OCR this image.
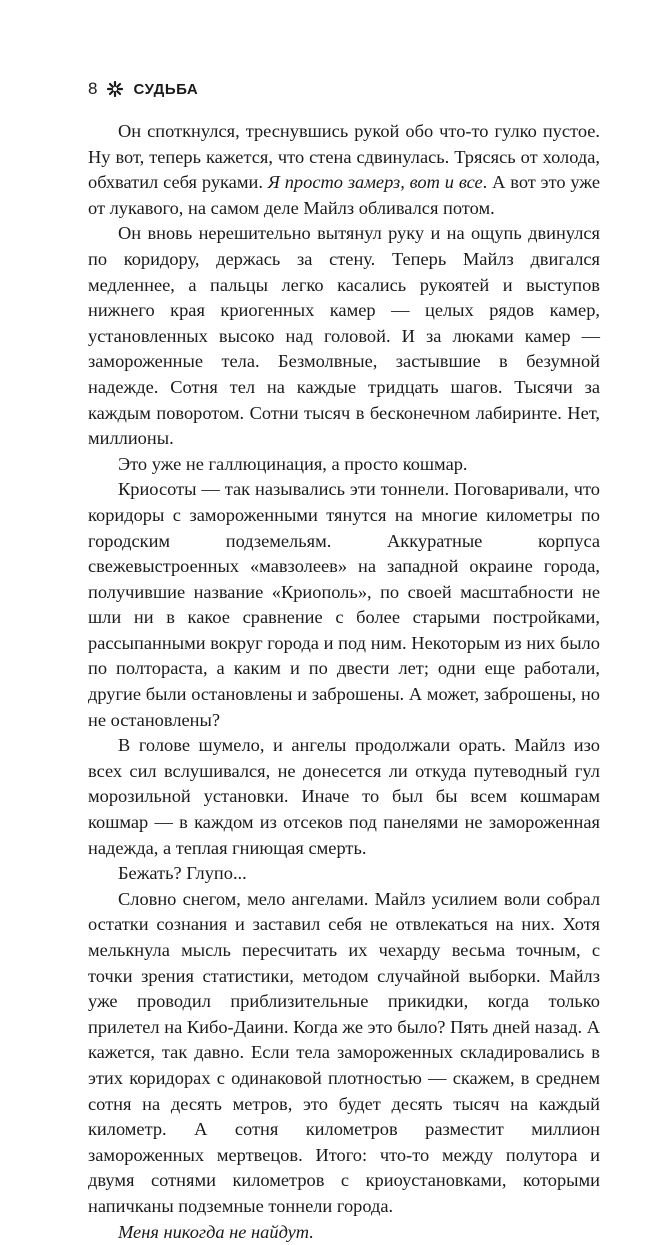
8 СУДЬБА

Он споткнулся, треснувшись рукой обо что-то гулко пустое. Ну вот, теперь кажется, что стена сдвинулась. Трясясь от холода, обхватил себя руками. Я просто замерз, вот и все. А вот это уже от лукавого, на самом деле Майлз обливался потом.

Он вновь нерешительно вытянул руку и на ощупь двинулся по коридору, держась за стену. Теперь Майлз двигался медленнее, а пальцы легко касались рукоятей и выступов нижнего края криогенных камер — целых рядов камер, установленных высоко над головой. И за люками камер — замороженные тела. Безмолвные, застывшие в безумной надежде. Сотня тел на каждые тридцать шагов. Тысячи за каждым поворотом. Сотни тысяч в бесконечном лабиринте. Нет, миллионы.

Это уже не галлюцинация, а просто кошмар.

Криосоты — так назывались эти тоннели. Поговаривали, что коридоры с замороженными тянутся на многие километры по городским подземельям. Аккуратные корпуса свежевыстроенных «мавзолеев» на западной окраине города, получившие название «Криополь», по своей масштабности не шли ни в какое сравнение с более старыми постройками, рассыпанными вокруг города и под ним. Некоторым из них было по полтораста, а каким и по двести лет; одни еще работали, другие были остановлены и заброшены. А может, заброшены, но не остановлены?

В голове шумело, и ангелы продолжали орать. Майлз изо всех сил вслушивался, не донесется ли откуда путеводный гул морозильной установки. Иначе то был бы всем кошмарам кошмар — в каждом из отсеков под панелями не замороженная надежда, а теплая гниющая смерть.

Бежать? Глупо...

Словно снегом, мело ангелами. Майлз усилием воли собрал остатки сознания и заставил себя не отвлекаться на них. Хотя мелькнула мысль пересчитать их чехарду весьма точным, с точки зрения статистики, методом случайной выборки. Майлз уже проводил приблизительные прикидки, когда только прилетел на Кибо-Даини. Когда же это было? Пять дней назад. А кажется, так давно. Если тела замороженных складировались в этих коридорах с одинаковой плотностью — скажем, в среднем сотня на десять метров, это будет десять тысяч на каждый километр. А сотня километров разместит миллион замороженных мертвецов. Итого: что-то между полутора и двумя сотнями километров с криоустановками, которыми напичканы подземные тоннели города.

Меня никогда не найдут.
